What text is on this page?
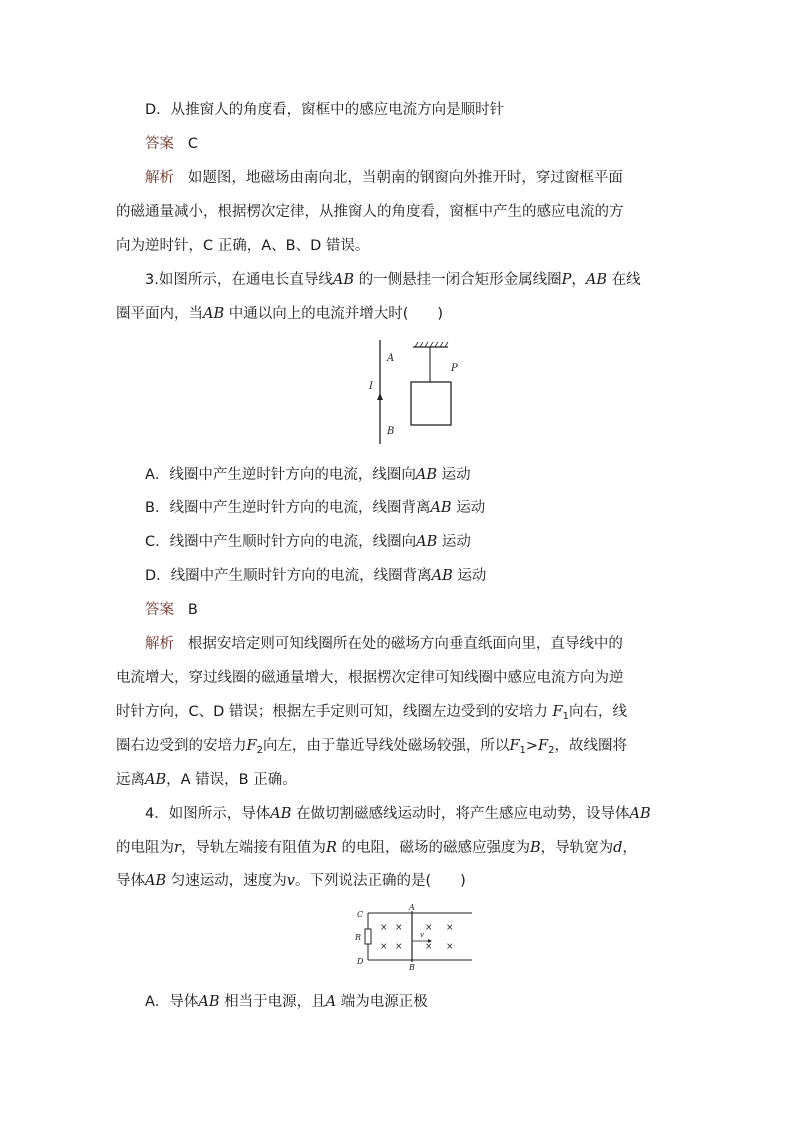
D．从推窗人的角度看，窗框中的感应电流方向是顺时针
答案 C
解析 如题图，地磁场由南向北，当朝南的钢窗向外推开时，穿过窗框平面
的磁通量减小，根据楞次定律，从推窗人的角度看，窗框中产生的感应电流的方
向为逆时针，C 正确，A、B、D 错误。
3.如图所示，在通电长直导线AB 的一侧悬挂一闭合矩形金属线圈P，AB 在线
圈平面内，当AB 中通以向上的电流并增大时(　　)
A
I
B
P
A．线圈中产生逆时针方向的电流，线圈向AB 运动
B．线圈中产生逆时针方向的电流，线圈背离AB 运动
C．线圈中产生顺时针方向的电流，线圈向AB 运动
D．线圈中产生顺时针方向的电流，线圈背离AB 运动
答案 B
解析 根据安培定则可知线圈所在处的磁场方向垂直纸面向里，直导线中的
电流增大，穿过线圈的磁通量增大，根据楞次定律可知线圈中感应电流方向为逆
时针方向，C、D 错误；根据左手定则可知，线圈左边受到的安培力 $F_1$向右，线
圈右边受到的安培力$F_2$向左，由于靠近导线处磁场较强，所以$F_1>F_2$，故线圈将
远离AB，A 错误，B 正确。
4．如图所示，导体AB 在做切割磁感线运动时，将产生感应电动势，设导体AB
的电阻为r，导轨左端接有阻值为R 的电阻，磁场的磁感应强度为B，导轨宽为d，
导体AB 匀速运动，速度为v。下列说法正确的是(　　)
C
A
R	v
D
B
× × × ×
× × × ×
A．导体AB 相当于电源，且A 端为电源正极
